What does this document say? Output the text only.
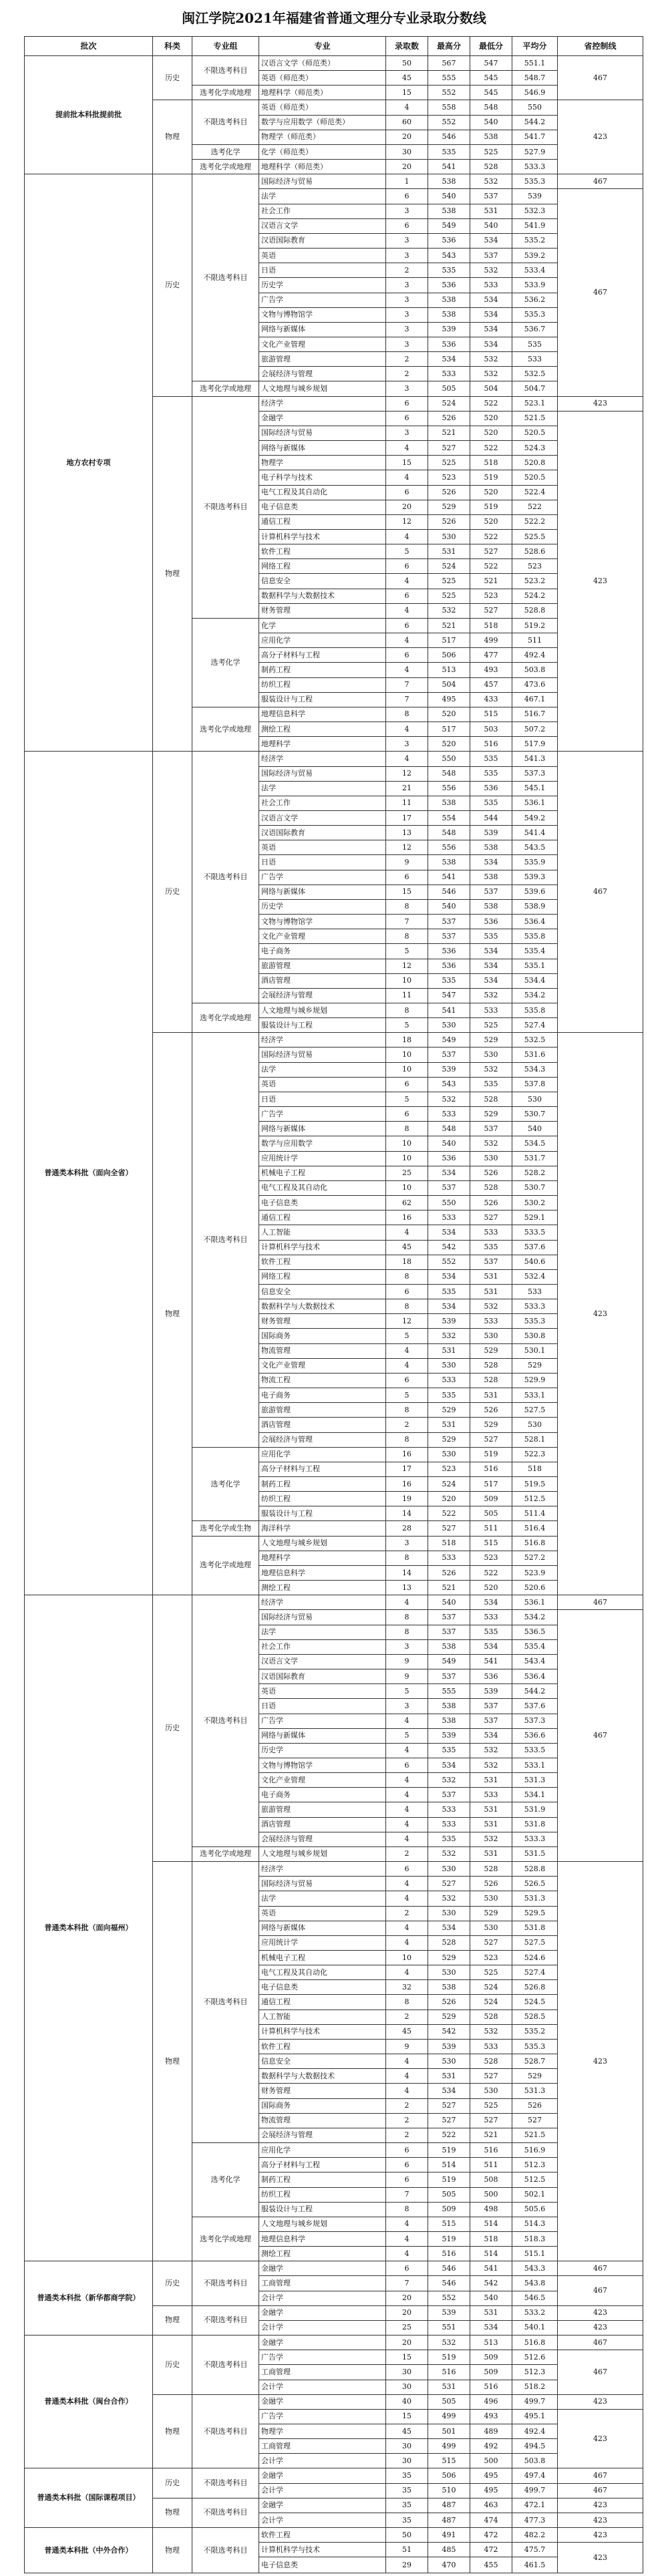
闽江学院2021年福建省普通文理分专业录取分数线
批次	科类	专业组	专业	录取数	最高分	最低分	平均分	省控制线
提前批本科批提前批	历史	不限选考科目	汉语言文学（师范类）	50	567	547	551.1	467
			英语（师范类）	45	555	545	548.7	
		选考化学或地理	地理科学（师范类）	15	552	545	546.9	
	物理	不限选考科目	英语（师范类）	4	558	548	550	423
			数学与应用数学（师范类）	60	552	540	544.2	
			物理学（师范类）	20	546	538	541.7	
		选考化学	化学（师范类）	30	535	525	527.9	
		选考化学或地理	地理科学（师范类）	20	541	528	533.3	
地方农村专项	历史	不限选考科目	国际经济与贸易	1	538	532	535.3	467
			法学	6	540	537	539	467
			社会工作	3	538	531	532.3	
			汉语言文学	6	549	540	541.9	
			汉语国际教育	3	536	534	535.2	
			英语	3	543	537	539.2	
			日语	2	535	532	533.4	
			历史学	3	536	533	533.9	
			广告学	3	538	534	536.2	
			文物与博物馆学	3	538	534	535.3	
			网络与新媒体	3	539	534	536.7	
			文化产业管理	3	536	534	535	
			旅游管理	2	534	532	533	
			会展经济与管理	2	533	532	532.5	
		选考化学或地理	人文地理与城乡规划	3	505	504	504.7	
	物理	不限选考科目	经济学	6	524	522	523.1	423
			金融学	6	526	520	521.5	423
			国际经济与贸易	3	521	520	520.5	
			网络与新媒体	4	527	522	524.3	
			物理学	15	525	518	520.8	
			电子科学与技术	4	523	519	520.5	
			电气工程及其自动化	6	526	520	522.4	
			电子信息类	20	529	519	522	
			通信工程	12	526	520	522.2	
			计算机科学与技术	4	530	522	525.5	
			软件工程	5	531	527	528.6	
			网络工程	6	524	522	523	
			信息安全	4	525	521	523.2	
			数据科学与大数据技术	6	525	523	524.2	
			财务管理	4	532	527	528.8	
		选考化学	化学	6	521	518	519.2	
			应用化学	4	517	499	511	
			高分子材料与工程	6	506	477	492.4	
			制药工程	4	513	493	503.8	
			纺织工程	7	504	457	473.6	
			服装设计与工程	7	495	433	467.1	
		选考化学或地理	地理信息科学	8	520	515	516.7	
			测绘工程	4	517	503	507.2	
			地理科学	3	520	516	517.9	
普通类本科批（面向全省）	历史	不限选考科目	经济学	4	550	535	541.3	467
			国际经济与贸易	12	548	535	537.3	
			法学	21	556	536	545.1	
			社会工作	11	538	535	536.1	
			汉语言文学	17	554	544	549.2	
			汉语国际教育	13	548	539	541.4	
			英语	12	556	538	543.5	
			日语	9	538	534	535.9	
			广告学	6	541	538	539.3	
			网络与新媒体	15	546	537	539.6	
			历史学	8	540	538	538.9	
			文物与博物馆学	7	537	536	536.4	
			文化产业管理	8	537	535	535.8	
			电子商务	5	536	534	535.4	
			旅游管理	12	536	534	535.1	
			酒店管理	10	535	534	534.4	
			会展经济与管理	11	547	532	534.2	
		选考化学或地理	人文地理与城乡规划	8	541	533	535.8	
			服装设计与工程	5	530	525	527.4	
	物理	不限选考科目	经济学	18	549	529	532.5	423
			国际经济与贸易	10	537	530	531.6	
			法学	10	539	532	534.3	
			英语	6	543	535	537.8	
			日语	5	532	528	530	
			广告学	6	533	529	530.7	
			网络与新媒体	8	548	537	540	
			数学与应用数学	10	540	532	534.5	
			应用统计学	10	536	530	531.7	
			机械电子工程	25	534	526	528.2	
			电气工程及其自动化	10	537	528	530.7	
			电子信息类	62	550	526	530.2	
			通信工程	16	533	527	529.1	
			人工智能	4	534	533	533.5	
			计算机科学与技术	45	542	535	537.6	
			软件工程	18	552	537	540.6	
			网络工程	8	534	531	532.4	
			信息安全	6	535	531	533	
			数据科学与大数据技术	8	534	532	533.3	
			财务管理	12	539	533	535.3	
			国际商务	5	532	530	530.8	
			物流管理	4	531	529	530.1	
			文化产业管理	4	530	528	529	
			物流工程	6	533	528	529.9	
			电子商务	5	535	531	533.1	
			旅游管理	8	529	526	527.5	
			酒店管理	2	531	529	530	
			会展经济与管理	8	529	527	528.1	
		选考化学	应用化学	16	530	519	522.3	
			高分子材料与工程	17	523	516	518	
			制药工程	16	524	517	519.5	
			纺织工程	19	520	509	512.5	
			服装设计与工程	14	522	505	511.4	
		选考化学或生物	海洋科学	28	527	511	516.4	
		选考化学或地理	人文地理与城乡规划	3	518	515	516.8	
			地理科学	8	533	523	527.2	
			地理信息科学	14	526	522	523.9	
			测绘工程	13	521	520	520.6	
普通类本科批（面向福州）	历史	不限选考科目	经济学	4	540	534	536.1	467
			国际经济与贸易	8	537	533	534.2	467
			法学	8	537	535	536.5	
			社会工作	3	538	534	535.4	
			汉语言文学	9	549	541	543.4	
			汉语国际教育	9	537	536	536.4	
			英语	5	555	539	544.2	
			日语	3	538	537	537.6	
			广告学	4	538	537	537.3	
			网络与新媒体	5	539	534	536.6	
			历史学	4	535	532	533.5	
			文物与博物馆学	6	534	532	533.1	
			文化产业管理	4	532	531	531.3	
			电子商务	4	537	533	534.1	
			旅游管理	4	533	531	531.9	
			酒店管理	4	533	531	531.8	
			会展经济与管理	4	535	532	533.3	
		选考化学或地理	人文地理与城乡规划	2	532	531	531.5	
	物理	不限选考科目	经济学	6	530	528	528.8	423
			国际经济与贸易	4	527	526	526.5	
			法学	4	532	530	531.3	
			英语	2	530	529	529.5	
			网络与新媒体	4	534	530	531.8	
			应用统计学	4	528	527	527.5	
			机械电子工程	10	529	523	524.6	
			电气工程及其自动化	4	530	525	527.4	
			电子信息类	32	538	524	526.8	
			通信工程	8	526	524	524.5	
			人工智能	2	529	528	528.5	
			计算机科学与技术	45	542	532	535.2	
			软件工程	9	539	533	535.3	
			信息安全	4	530	528	528.7	
			数据科学与大数据技术	4	531	527	529	
			财务管理	4	534	530	531.3	
			国际商务	2	527	525	526	
			物流管理	2	527	527	527	
			会展经济与管理	2	522	521	521.5	
		选考化学	应用化学	6	519	516	516.9	
			高分子材料与工程	6	514	511	512.3	
			制药工程	6	519	508	512.5	
			纺织工程	7	505	500	502.1	
			服装设计与工程	8	509	498	505.6	
		选考化学或地理	人文地理与城乡规划	4	515	514	514.3	
			地理信息科学	4	519	518	518.3	
			测绘工程	4	516	514	515.1	
普通类本科批（新华都商学院）	历史	不限选考科目	金融学	6	546	541	543.3	467
			工商管理	7	546	542	543.8	467
			会计学	20	552	540	546.5	
	物理	不限选考科目	金融学	20	539	531	533.2	423
			会计学	25	551	534	540.1	423
普通类本科批（闽台合作）	历史	不限选考科目	金融学	20	532	513	516.8	467
			广告学	15	519	509	512.6	467
			工商管理	30	516	509	512.3	
			会计学	30	531	516	518.2	
	物理	不限选考科目	金融学	40	505	496	499.7	423
			广告学	15	499	493	495.1	423
			物理学	45	501	489	492.4	
			工商管理	30	499	492	494.5	
			会计学	30	515	500	503.8	
普通类本科批（国际课程项目）	历史	不限选考科目	金融学	35	506	495	497.4	467
			会计学	35	510	495	499.7	467
	物理	不限选考科目	金融学	35	487	463	472.1	423
			会计学	35	487	474	477.3	423
普通类本科批（中外合作）	物理	不限选考科目	软件工程	50	491	472	482.2	423
			计算机科学与技术	51	485	472	475.7	423
			电子信息类	29	470	455	461.5	
